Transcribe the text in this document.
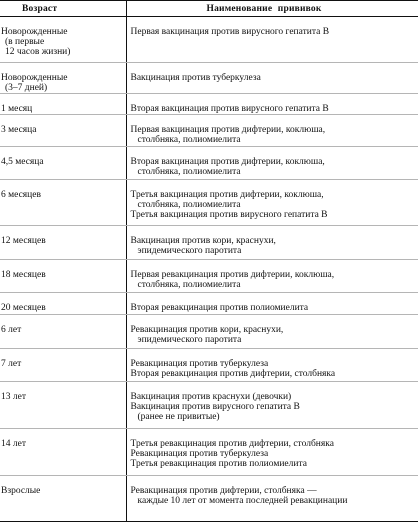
Возраст	Наименование прививок

Новорожденные
(в первые
12 часов жизни)	Первая вакцинация против вирусного гепатита В

Новорожденные
(3–7 дней)	Вакцинация против туберкулеза

1 месяц	Вторая вакцинация против вирусного гепатита В

3 месяца	Первая вакцинация против дифтерии, коклюша,
столбняка, полиомиелита

4,5 месяца	Вторая вакцинация против дифтерии, коклюша,
столбняка, полиомиелита

6 месяцев	Третья вакцинация против дифтерии, коклюша,
столбняка, полиомиелита
Третья вакцинация против вирусного гепатита В

12 месяцев	Вакцинация против кори, краснухи,
эпидемического паротита

18 месяцев	Первая ревакцинация против дифтерии, коклюша,
столбняка, полиомиелита

20 месяцев	Вторая ревакцинация против полиомиелита

6 лет	Ревакцинация против кори, краснухи,
эпидемического паротита

7 лет	Ревакцинация против туберкулеза
Вторая ревакцинация против дифтерии, столбняка

13 лет	Вакцинация против краснухи (девочки)
Вакцинация против вирусного гепатита В
(ранее не привитые)

14 лет	Третья ревакцинация против дифтерии, столбняка
Ревакцинация против туберкулеза
Третья ревакцинация против полиомиелита

Взрослые	Ревакцинация против дифтерии, столбняка —
каждые 10 лет от момента последней ревакцинации
